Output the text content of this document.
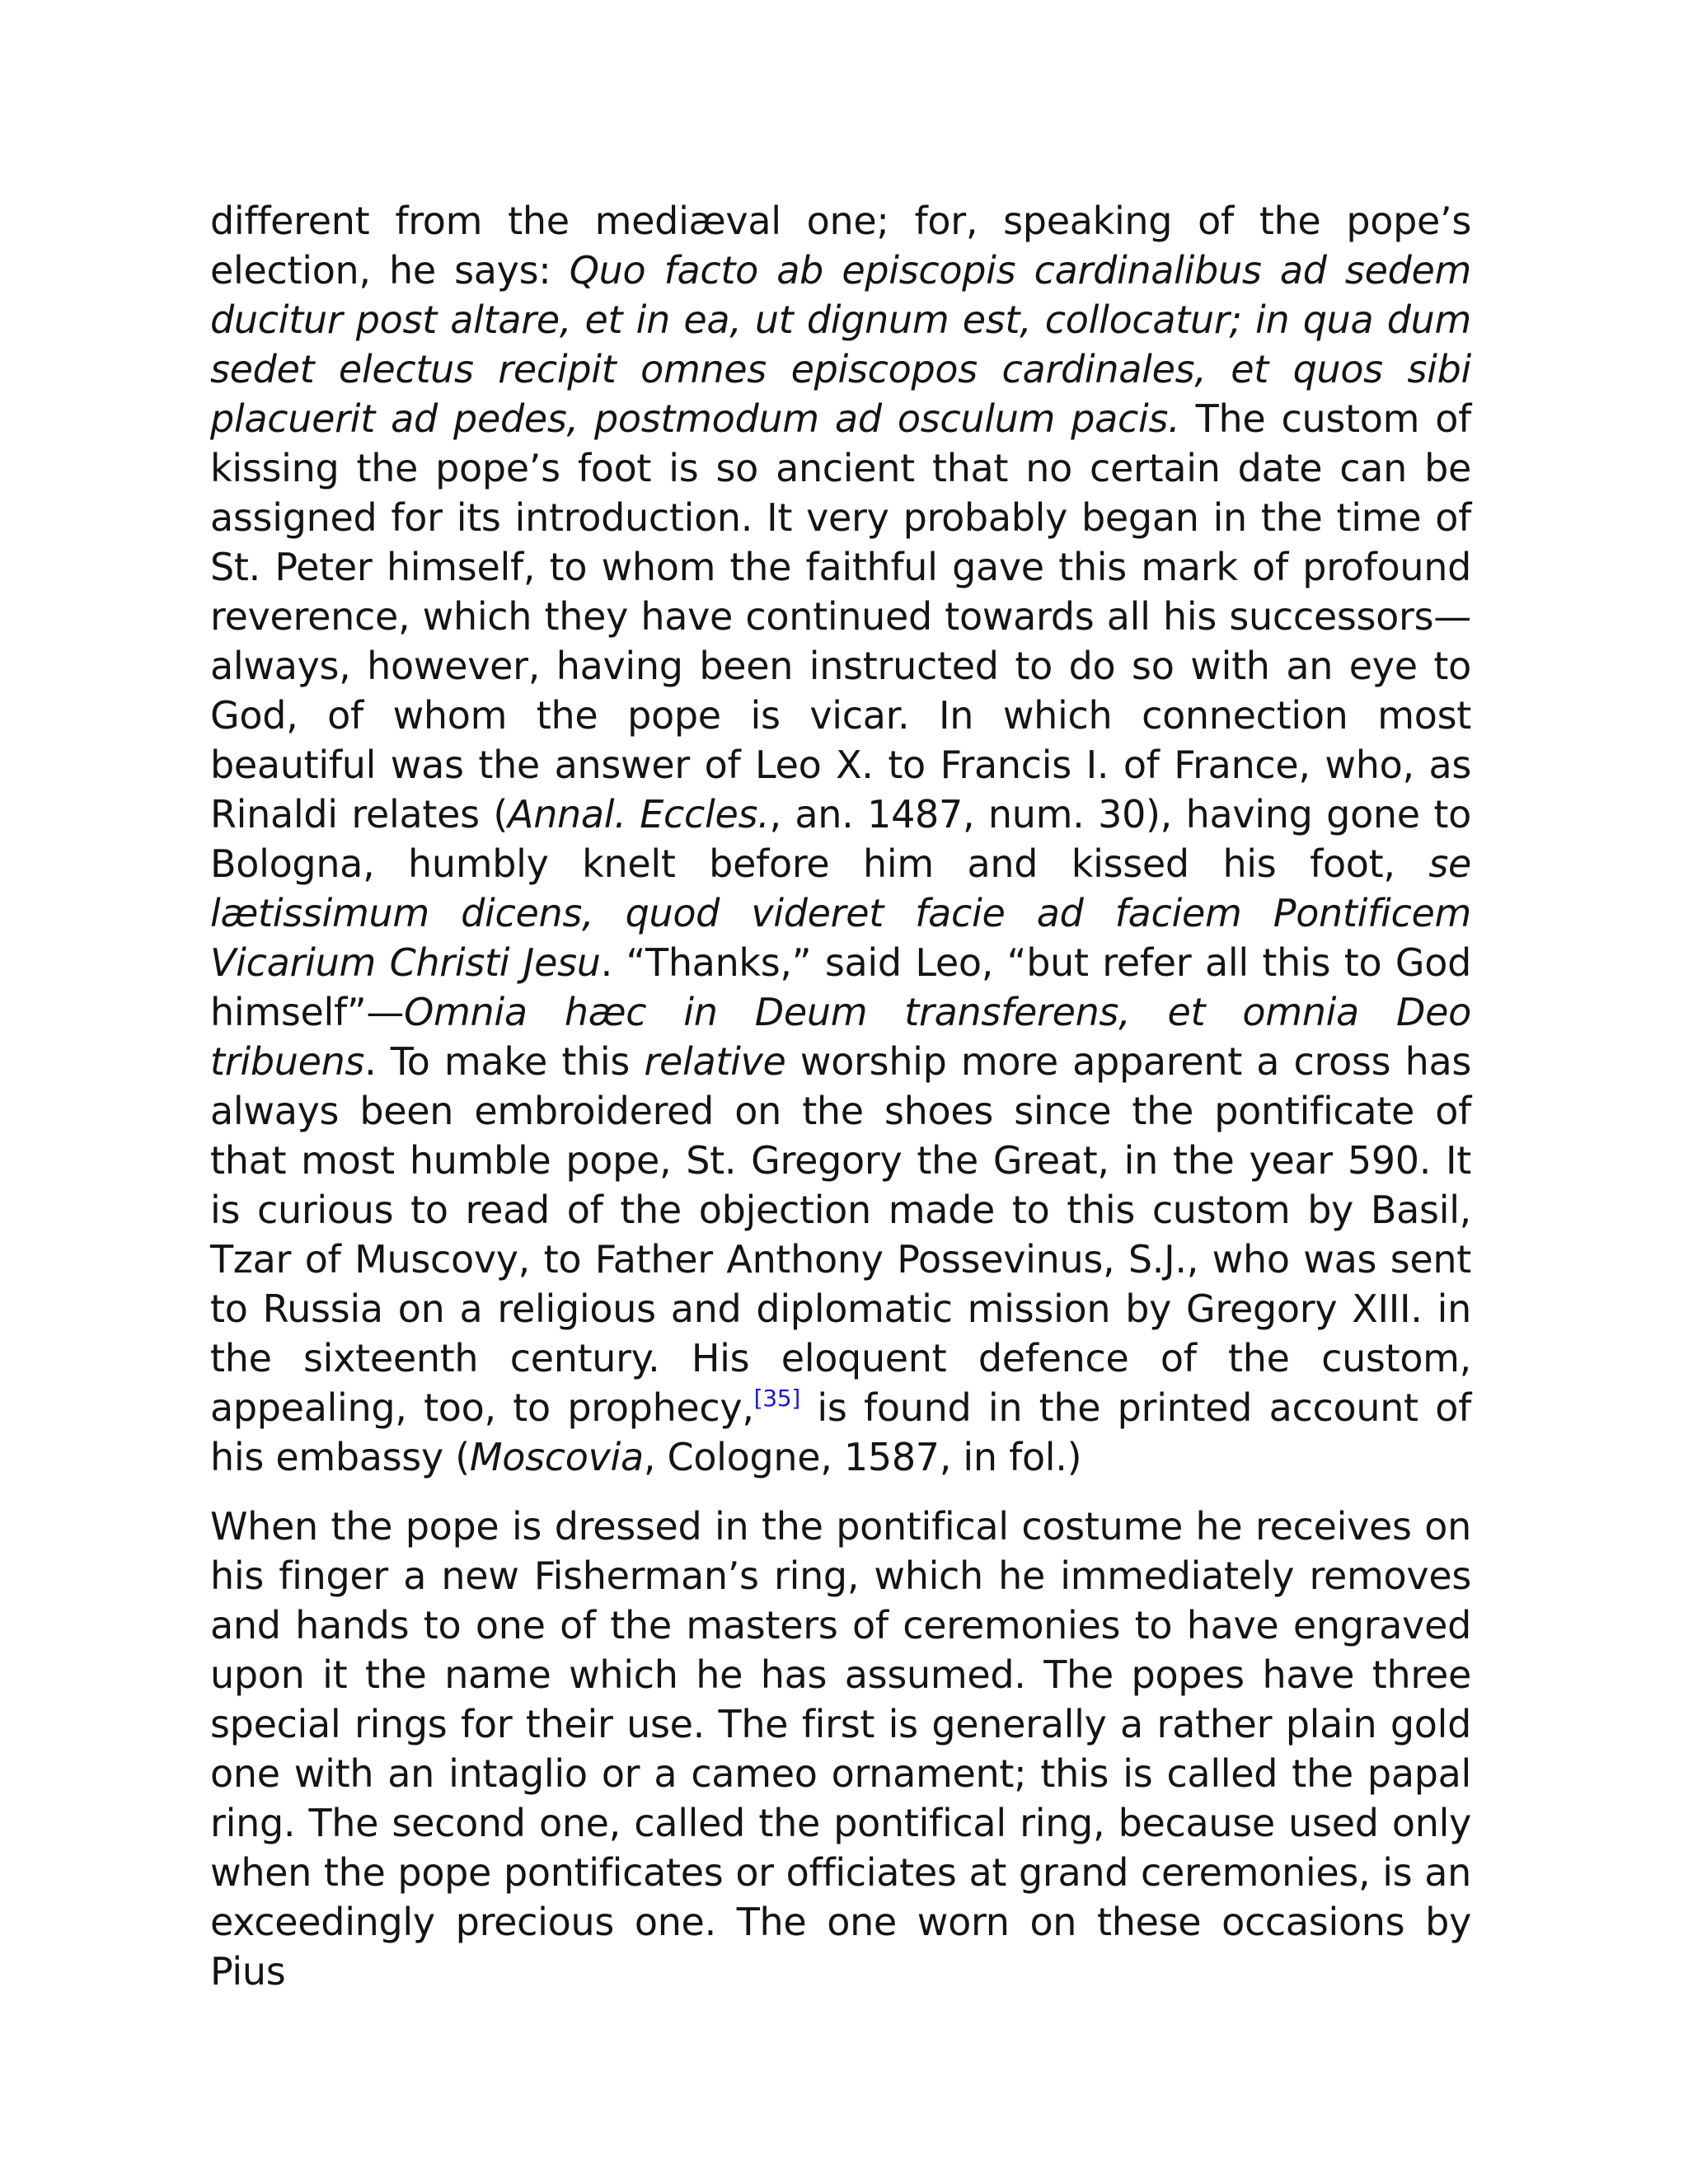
different from the mediæval one; for, speaking of the pope’s election, he says: Quo facto ab episcopis cardinalibus ad sedem ducitur post altare, et in ea, ut dignum est, collocatur; in qua dum sedet electus recipit omnes episcopos cardinales, et quos sibi placuerit ad pedes, postmodum ad osculum pacis. The custom of kissing the pope’s foot is so ancient that no certain date can be assigned for its introduction. It very probably began in the time of St. Peter himself, to whom the faithful gave this mark of profound reverence, which they have continued towards all his successors—always, however, having been instructed to do so with an eye to God, of whom the pope is vicar. In which connection most beautiful was the answer of Leo X. to Francis I. of France, who, as Rinaldi relates (Annal. Eccles., an. 1487, num. 30), having gone to Bologna, humbly knelt before him and kissed his foot, se lætissimum dicens, quod videret facie ad faciem Pontificem Vicarium Christi Jesu. “Thanks,” said Leo, “but refer all this to God himself”—Omnia hæc in Deum transferens, et omnia Deo tribuens. To make this relative worship more apparent a cross has always been embroidered on the shoes since the pontificate of that most humble pope, St. Gregory the Great, in the year 590. It is curious to read of the objection made to this custom by Basil, Tzar of Muscovy, to Father Anthony Possevinus, S.J., who was sent to Russia on a religious and diplomatic mission by Gregory XIII. in the sixteenth century. His eloquent defence of the custom, appealing, too, to prophecy,[35] is found in the printed account of his embassy (Moscovia, Cologne, 1587, in fol.)

When the pope is dressed in the pontifical costume he receives on his finger a new Fisherman’s ring, which he immediately removes and hands to one of the masters of ceremonies to have engraved upon it the name which he has assumed. The popes have three special rings for their use. The first is generally a rather plain gold one with an intaglio or a cameo ornament; this is called the papal ring. The second one, called the pontifical ring, because used only when the pope pontificates or officiates at grand ceremonies, is an exceedingly precious one. The one worn on these occasions by Pius
